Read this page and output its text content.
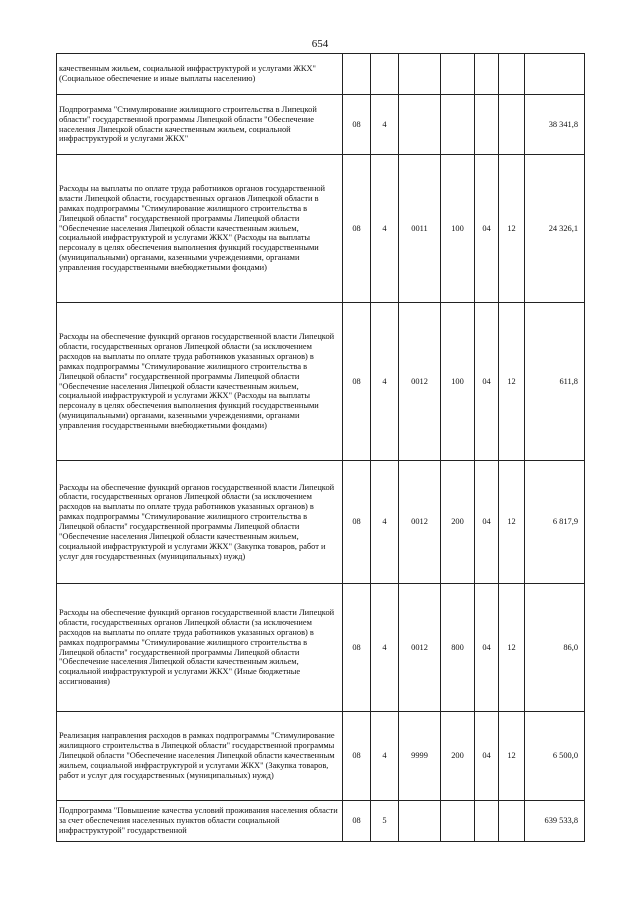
654
качественным жильем, социальной инфраструктурой и услугами ЖКХ" (Социальное обеспечение и иные выплаты населению)							
Подпрограмма "Стимулирование жилищного строительства в Липецкой области" государственной программы Липецкой области "Обеспечение населения Липецкой области качественным жильем, социальной инфраструктурой и услугами ЖКХ"	08	4					38 341,8
Расходы на выплаты по оплате труда работников органов государственной власти Липецкой области, государственных органов Липецкой области в рамках подпрограммы "Стимулирование жилищного строительства в Липецкой области" государственной программы Липецкой области "Обеспечение населения Липецкой области качественным жильем, социальной инфраструктурой и услугами ЖКХ" (Расходы на выплаты персоналу в целях обеспечения выполнения функций государственными (муниципальными) органами, казенными учреждениями, органами управления государственными внебюджетными фондами)	08	4	0011	100	04	12	24 326,1
Расходы на обеспечение функций органов государственной власти Липецкой области, государственных органов Липецкой области (за исключением расходов на выплаты по оплате труда работников указанных органов) в рамках подпрограммы "Стимулирование жилищного строительства в Липецкой области" государственной программы Липецкой области "Обеспечение населения Липецкой области качественным жильем, социальной инфраструктурой и услугами ЖКХ" (Расходы на выплаты персоналу в целях обеспечения выполнения функций государственными (муниципальными) органами, казенными учреждениями, органами управления государственными внебюджетными фондами)	08	4	0012	100	04	12	611,8
Расходы на обеспечение функций органов государственной власти Липецкой области, государственных органов Липецкой области (за исключением расходов на выплаты по оплате труда работников указанных органов) в рамках подпрограммы "Стимулирование жилищного строительства в Липецкой области" государственной программы Липецкой области "Обеспечение населения Липецкой области качественным жильем, социальной инфраструктурой и услугами ЖКХ" (Закупка товаров, работ и услуг для государственных (муниципальных) нужд)	08	4	0012	200	04	12	6 817,9
Расходы на обеспечение функций органов государственной власти Липецкой области, государственных органов Липецкой области (за исключением расходов на выплаты по оплате труда работников указанных органов) в рамках подпрограммы "Стимулирование жилищного строительства в Липецкой области" государственной программы Липецкой области "Обеспечение населения Липецкой области качественным жильем, социальной инфраструктурой и услугами ЖКХ" (Иные бюджетные ассигнования)	08	4	0012	800	04	12	86,0
Реализация направления расходов в рамках подпрограммы "Стимулирование жилищного строительства в Липецкой области" государственной программы Липецкой области "Обеспечение населения Липецкой области качественным жильем, социальной инфраструктурой и услугами ЖКХ" (Закупка товаров, работ и услуг для государственных (муниципальных) нужд)	08	4	9999	200	04	12	6 500,0
Подпрограмма "Повышение качества условий проживания населения области за счет обеспечения населенных пунктов области социальной инфраструктурой" государственной	08	5					639 533,8
